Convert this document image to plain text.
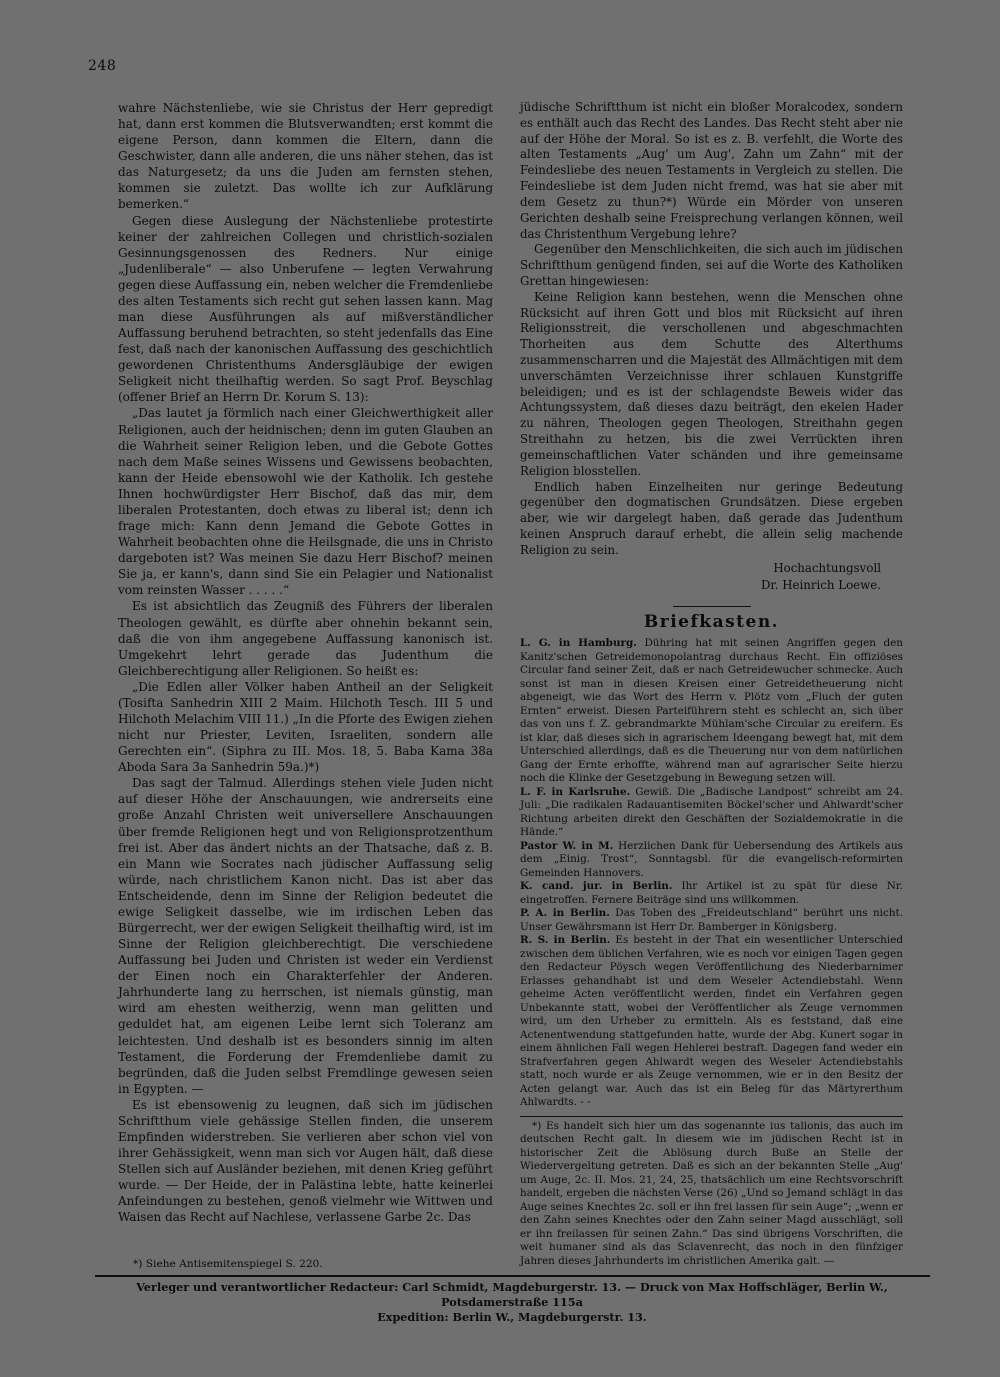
248

wahre Nächstenliebe, wie sie Christus der Herr gepredigt hat, dann erst kommen die Blutsverwandten; erst kommt die eigene Person, dann kommen die Eltern, dann die Geschwister, dann alle anderen, die uns näher stehen, das ist das Naturgesetz; da uns die Juden am fernsten stehen, kommen sie zuletzt. Das wollte ich zur Aufklärung bemerken.“

Gegen diese Auslegung der Nächstenliebe protestirte keiner der zahlreichen Collegen und christlich-sozialen Gesinnungsgenossen des Redners. Nur einige „Judenliberale“ — also Unberufene — legten Verwahrung gegen diese Auffassung ein, neben welcher die Fremdenliebe des alten Testaments sich recht gut sehen lassen kann. Mag man diese Ausführungen als auf mißverständlicher Auffassung beruhend betrachten, so steht jedenfalls das Eine fest, daß nach der kanonischen Auffassung des geschichtlich gewordenen Christenthums Andersgläubige der ewigen Seligkeit nicht theilhaftig werden. So sagt Prof. Beyschlag (offener Brief an Herrn Dr. Korum S. 13):

„Das lautet ja förmlich nach einer Gleichwerthigkeit aller Religionen, auch der heidnischen; denn im guten Glauben an die Wahrheit seiner Religion leben, und die Gebote Gottes nach dem Maße seines Wissens und Gewissens beobachten, kann der Heide ebensowohl wie der Katholik. Ich gestehe Ihnen hochwürdigster Herr Bischof, daß das mir, dem liberalen Protestanten, doch etwas zu liberal ist; denn ich frage mich: Kann denn Jemand die Gebote Gottes in Wahrheit beobachten ohne die Heilsgnade, die uns in Christo dargeboten ist? Was meinen Sie dazu Herr Bischof? meinen Sie ja, er kann's, dann sind Sie ein Pelagier und Nationalist vom reinsten Wasser . . . . .“

Es ist absichtlich das Zeugniß des Führers der liberalen Theologen gewählt, es dürfte aber ohnehin bekannt sein, daß die von ihm angegebene Auffassung kanonisch ist. Umgekehrt lehrt gerade das Judenthum die Gleichberechtigung aller Religionen. So heißt es:

„Die Edlen aller Völker haben Antheil an der Seligkeit (Tosifta Sanhedrin XIII 2 Maim. Hilchoth Tesch. III 5 und Hilchoth Melachim VIII 11.) „In die Pforte des Ewigen ziehen nicht nur Priester, Leviten, Israeliten, sondern alle Gerechten ein“. (Siphra zu III. Mos. 18, 5. Baba Kama 38a Aboda Sara 3a Sanhedrin 59a.)*)

Das sagt der Talmud. Allerdings stehen viele Juden nicht auf dieser Höhe der Anschauungen, wie andrerseits eine große Anzahl Christen weit universellere Anschauungen über fremde Religionen hegt und von Religionsprotzenthum frei ist. Aber das ändert nichts an der Thatsache, daß z. B. ein Mann wie Socrates nach jüdischer Auffassung selig würde, nach christlichem Kanon nicht. Das ist aber das Entscheidende, denn im Sinne der Religion bedeutet die ewige Seligkeit dasselbe, wie im irdischen Leben das Bürgerrecht, wer der ewigen Seligkeit theilhaftig wird, ist im Sinne der Religion gleichberechtigt. Die verschiedene Auffassung bei Juden und Christen ist weder ein Verdienst der Einen noch ein Charakterfehler der Anderen. Jahrhunderte lang zu herrschen, ist niemals günstig, man wird am ehesten weitherzig, wenn man gelitten und geduldet hat, am eigenen Leibe lernt sich Toleranz am leichtesten. Und deshalb ist es besonders sinnig im alten Testament, die Forderung der Fremdenliebe damit zu begründen, daß die Juden selbst Fremdlinge gewesen seien in Egypten. —

Es ist ebensowenig zu leugnen, daß sich im jüdischen Schriftthum viele gehässige Stellen finden, die unserem Empfinden widerstreben. Sie verlieren aber schon viel von ihrer Gehässigkeit, wenn man sich vor Augen hält, daß diese Stellen sich auf Ausländer beziehen, mit denen Krieg geführt wurde. — Der Heide, der in Palästina lebte, hatte keinerlei Anfeindungen zu bestehen, genoß vielmehr wie Wittwen und Waisen das Recht auf Nachlese, verlassene Garbe 2c. Das

jüdische Schriftthum ist nicht ein bloßer Moralcodex, sondern es enthält auch das Recht des Landes. Das Recht steht aber nie auf der Höhe der Moral. So ist es z. B. verfehlt, die Worte des alten Testaments „Aug' um Aug', Zahn um Zahn“ mit der Feindesliebe des neuen Testaments in Vergleich zu stellen. Die Feindesliebe ist dem Juden nicht fremd, was hat sie aber mit dem Gesetz zu thun?*) Würde ein Mörder von unseren Gerichten deshalb seine Freisprechung verlangen können, weil das Christenthum Vergebung lehre?

Gegenüber den Menschlichkeiten, die sich auch im jüdischen Schriftthum genügend finden, sei auf die Worte des Katholiken Grettan hingewiesen:

Keine Religion kann bestehen, wenn die Menschen ohne Rücksicht auf ihren Gott und blos mit Rücksicht auf ihren Religionsstreit, die verschollenen und abgeschmachten Thorheiten aus dem Schutte des Alterthums zusammenscharren und die Majestät des Allmächtigen mit dem unverschämten Verzeichnisse ihrer schlauen Kunstgriffe beleidigen; und es ist der schlagendste Beweis wider das Achtungssystem, daß dieses dazu beiträgt, den ekelen Hader zu nähren, Theologen gegen Theologen, Streithahn gegen Streithahn zu hetzen, bis die zwei Verrückten ihren gemeinschaftlichen Vater schänden und ihre gemeinsame Religion blosstellen.

Endlich haben Einzelheiten nur geringe Bedeutung gegenüber den dogmatischen Grundsätzen. Diese ergeben aber, wie wir dargelegt haben, daß gerade das Judenthum keinen Anspruch darauf erhebt, die allein selig machende Religion zu sein.

Hochachtungsvoll
Dr. Heinrich Loewe.
Briefkasten.

L. G. in Hamburg. Dühring hat mit seinen Angriffen gegen den Kanitz'schen Getreidemonopolantrag durchaus Recht. Ein offiziöses Circular fand seiner Zeit, daß er nach Getreidewucher schmecke. Auch sonst ist man in diesen Kreisen einer Getreidetheuerung nicht abgeneigt, wie das Wort des Herrn v. Plötz vom „Fluch der guten Ernten“ erweist. Diesen Parteiführern steht es schlecht an, sich über das von uns f. Z. gebrandmarkte Mühlam'sche Circular zu ereifern. Es ist klar, daß dieses sich in agrarischem Ideengang bewegt hat, mit dem Unterschied allerdings, daß es die Theuerung nur von dem natürlichen Gang der Ernte erhoffte, während man auf agrarischer Seite hierzu noch die Klinke der Gesetzgebung in Bewegung setzen will.

L. F. in Karlsruhe. Gewiß. Die „Badische Landpost“ schreibt am 24. Juli: „Die radikalen Radauantisemiten Böckel'scher und Ahlwardt'scher Richtung arbeiten direkt den Geschäften der Sozialdemokratie in die Hände.“

Pastor W. in M. Herzlichen Dank für Uebersendung des Artikels aus dem „Einig. Trost“, Sonntagsbl. für die evangelisch-reformirten Gemeinden Hannovers.

K. cand. jur. in Berlin. Ihr Artikel ist zu spät für diese Nr. eingetroffen. Fernere Beiträge sind uns willkommen.

P. A. in Berlin. Das Toben des „Freideutschland“ berührt uns nicht. Unser Gewährsmann ist Herr Dr. Bamberger in Königsberg.

R. S. in Berlin. Es besteht in der That ein wesentlicher Unterschied zwischen dem üblichen Verfahren, wie es noch vor einigen Tagen gegen den Redacteur Pöysch wegen Veröffentlichung des Niederbarnimer Erlasses gehandhabt ist und dem Weseler Actendiebstahl. Wenn geheime Acten veröffentlicht werden, findet ein Verfahren gegen Unbekannte statt, wobei der Veröffentlicher als Zeuge vernommen wird, um den Urheber zu ermitteln. Als es feststand, daß eine Actenentwendung stattgefunden hatte, wurde der Abg. Kunert sogar in einem ähnlichen Fall wegen Hehlerei bestraft. Dagegen fand weder ein Strafverfahren gegen Ahlwardt wegen des Weseler Actendiebstahls statt, noch wurde er als Zeuge vernommen, wie er in den Besitz der Acten gelangt war. Auch das ist ein Beleg für das Märtyrerthum Ahlwardts. - -

*) Es handelt sich hier um das sogenannte ius talionis, das auch im deutschen Recht galt. In diesem wie im jüdischen Recht ist in historischer Zeit die Ablösung durch Buße an Stelle der Wiedervergeltung getreten. Daß es sich an der bekannten Stelle „Aug' um Auge, 2c. II. Mos. 21, 24, 25, thatsächlich um eine Rechtsvorschrift handelt, ergeben die nächsten Verse (26) „Und so Jemand schlägt in das Auge seines Knechtes 2c. soll er ihn frei lassen für sein Auge“; „wenn er den Zahn seines Knechtes oder den Zahn seiner Magd ausschlägt, soll er ihn freilassen für seinen Zahn.“ Das sind übrigens Vorschriften, die weit humaner sind als das Sclavenrecht, das noch in den fünfziger Jahren dieses Jahrhunderts im christlichen Amerika galt. —

*) Siehe Antisemitenspiegel S. 220.
Verleger und verantwortlicher Redacteur: Carl Schmidt, Magdeburgerstr. 13. — Druck von Max Hoffschläger, Berlin W., Potsdamerstraße 115a
Expedition: Berlin W., Magdeburgerstr. 13.
